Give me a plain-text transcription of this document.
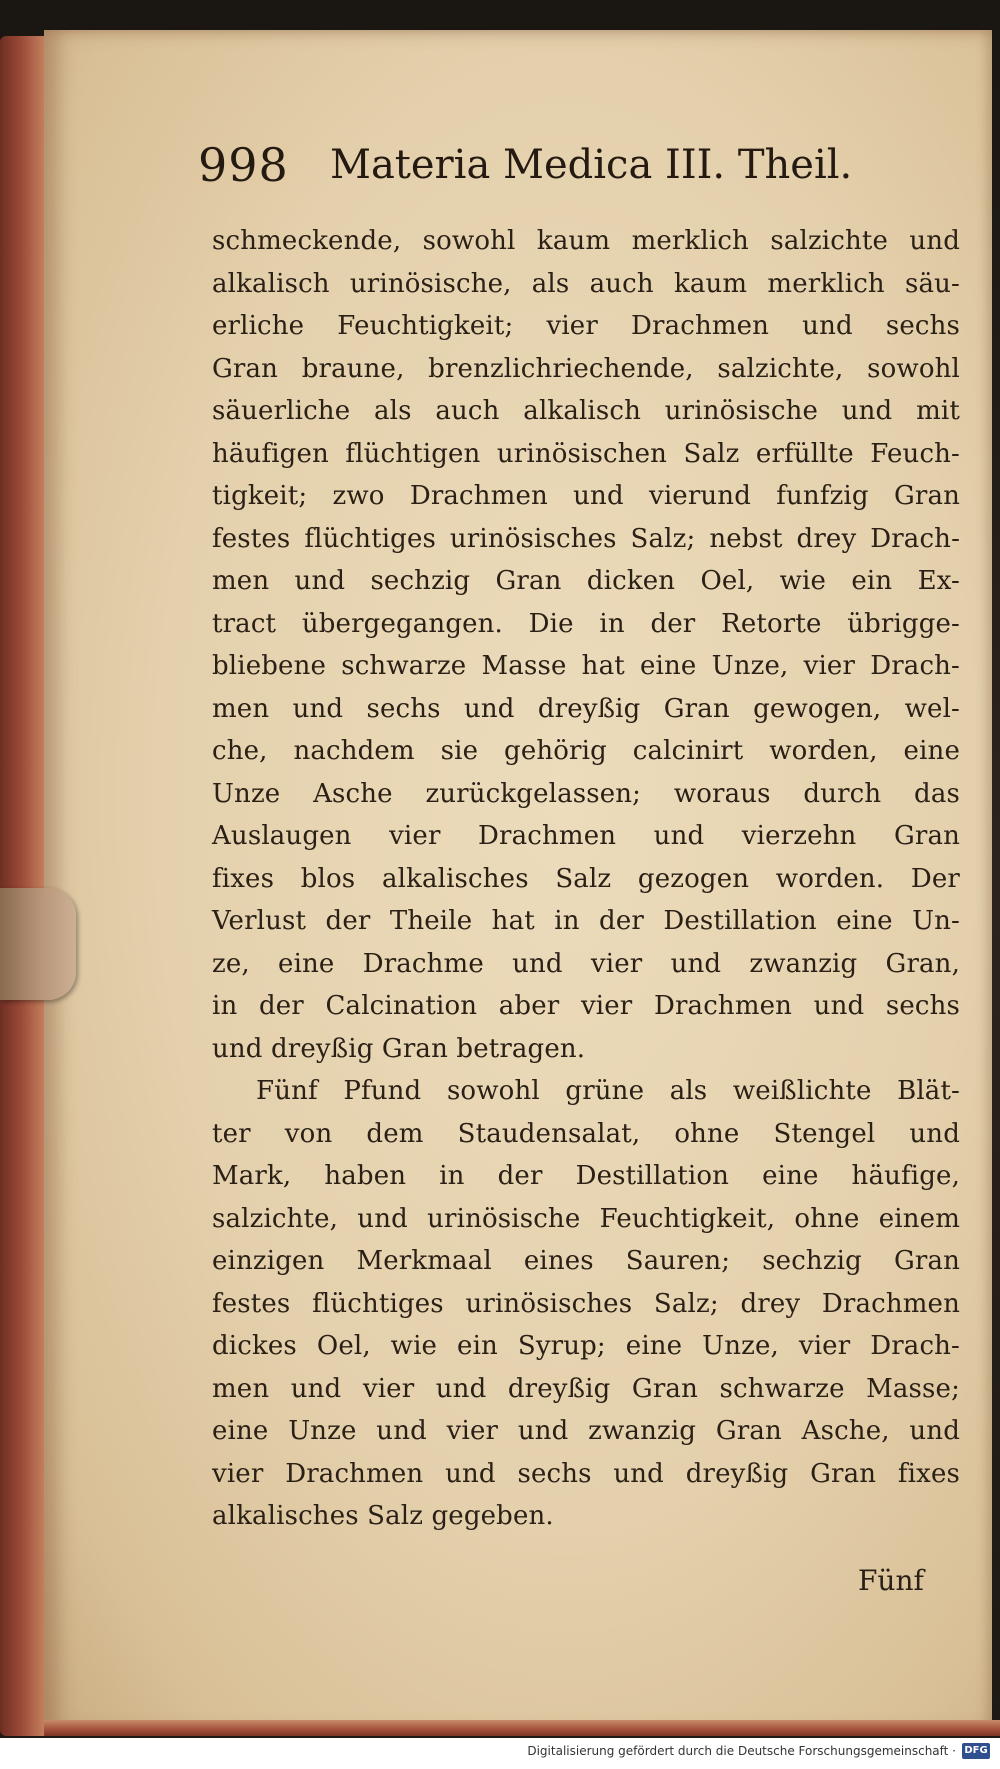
998 Materia Medica III. Theil.
schmeckende, sowohl kaum merklich salzichte und
alkalisch urinösische, als auch kaum merklich säu-
erliche Feuchtigkeit; vier Drachmen und sechs
Gran braune, brenzlichriechende, salzichte, sowohl
säuerliche als auch alkalisch urinösische und mit
häufigen flüchtigen urinösischen Salz erfüllte Feuch-
tigkeit; zwo Drachmen und vierund funfzig Gran
festes flüchtiges urinösisches Salz; nebst drey Drach-
men und sechzig Gran dicken Oel, wie ein Ex-
tract übergegangen. Die in der Retorte übrigge-
bliebene schwarze Masse hat eine Unze, vier Drach-
men und sechs und dreyßig Gran gewogen, wel-
che, nachdem sie gehörig calcinirt worden, eine
Unze Asche zurückgelassen; woraus durch das
Auslaugen vier Drachmen und vierzehn Gran
fixes blos alkalisches Salz gezogen worden. Der
Verlust der Theile hat in der Destillation eine Un-
ze, eine Drachme und vier und zwanzig Gran,
in der Calcination aber vier Drachmen und sechs
und dreyßig Gran betragen.
Fünf Pfund sowohl grüne als weißlichte Blät-
ter von dem Staudensalat, ohne Stengel und
Mark, haben in der Destillation eine häufige,
salzichte, und urinösische Feuchtigkeit, ohne einem
einzigen Merkmaal eines Sauren; sechzig Gran
festes flüchtiges urinösisches Salz; drey Drachmen
dickes Oel, wie ein Syrup; eine Unze, vier Drach-
men und vier und dreyßig Gran schwarze Masse;
eine Unze und vier und zwanzig Gran Asche, und
vier Drachmen und sechs und dreyßig Gran fixes
alkalisches Salz gegeben.
Fünf
Digitalisierung gefördert durch die Deutsche Forschungsgemeinschaft · DFG
